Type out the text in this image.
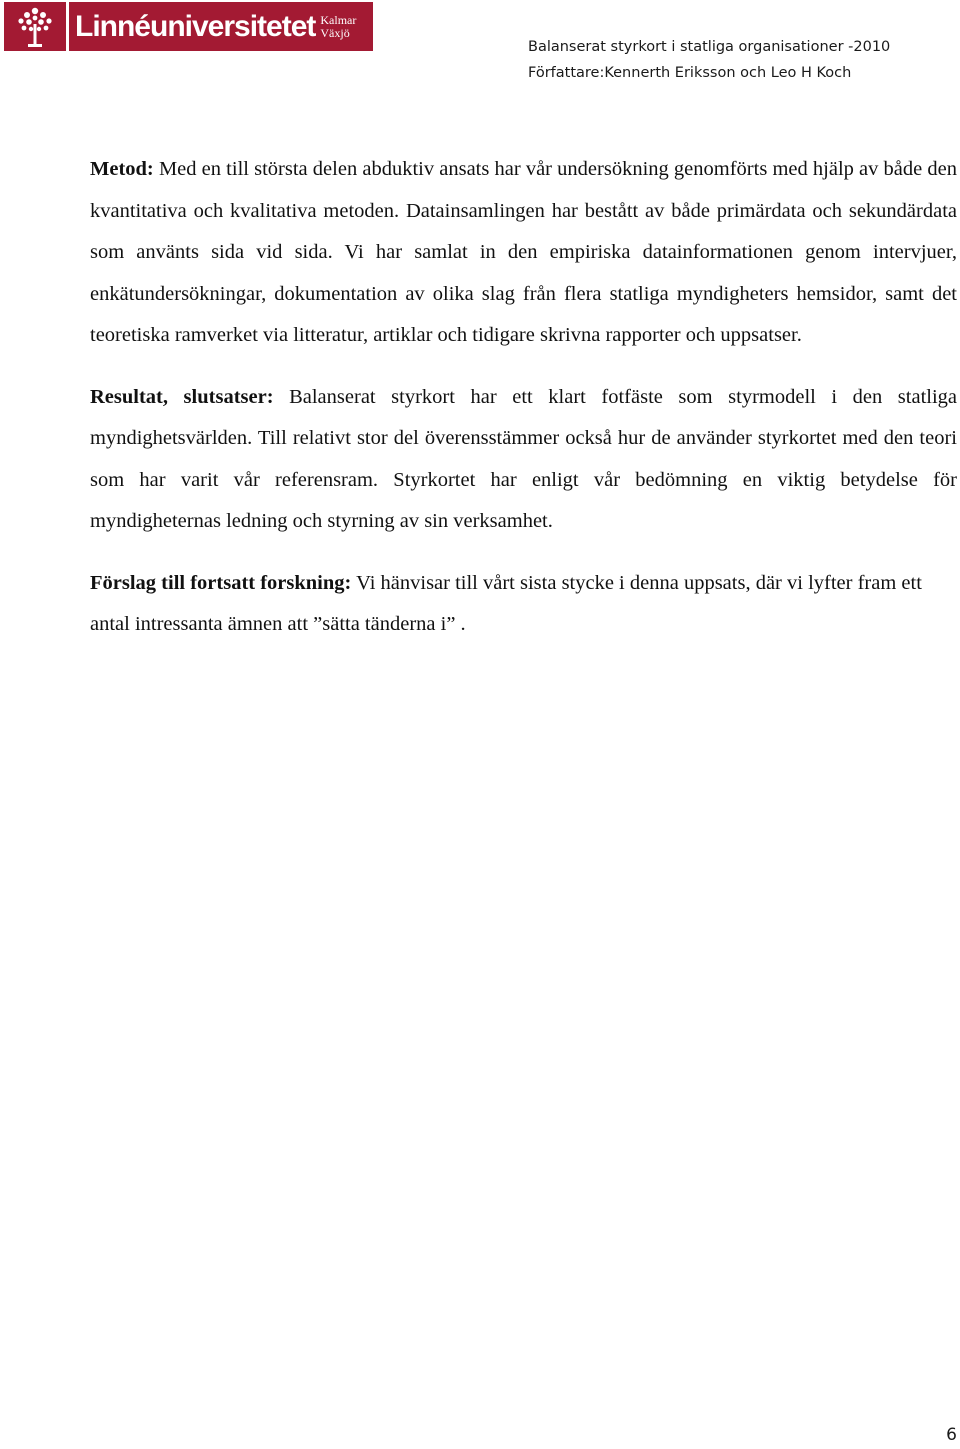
Linnéuniversitetet Kalmar
Växjö
Balanserat styrkort i statliga organisationer -2010
Författare:Kennerth Eriksson och Leo H Koch

Metod: Med en till största delen abduktiv ansats har vår undersökning genomförts med hjälp av både den kvantitativa och kvalitativa metoden. Datainsamlingen har bestått av både primärdata och sekundärdata som använts sida vid sida. Vi har samlat in den empiriska datainformationen genom intervjuer, enkätundersökningar, dokumentation av olika slag från flera statliga myndigheters hemsidor, samt det teoretiska ramverket via litteratur, artiklar och tidigare skrivna rapporter och uppsatser.

Resultat, slutsatser: Balanserat styrkort har ett klart fotfäste som styrmodell i den statliga myndighetsvärlden. Till relativt stor del överensstämmer också hur de använder styrkortet med den teori som har varit vår referensram. Styrkortet har enligt vår bedömning en viktig betydelse för myndigheternas ledning och styrning av sin verksamhet.

Förslag till fortsatt forskning: Vi hänvisar till vårt sista stycke i denna uppsats, där vi lyfter fram ett antal intressanta ämnen att ”sätta tänderna i” .

6
